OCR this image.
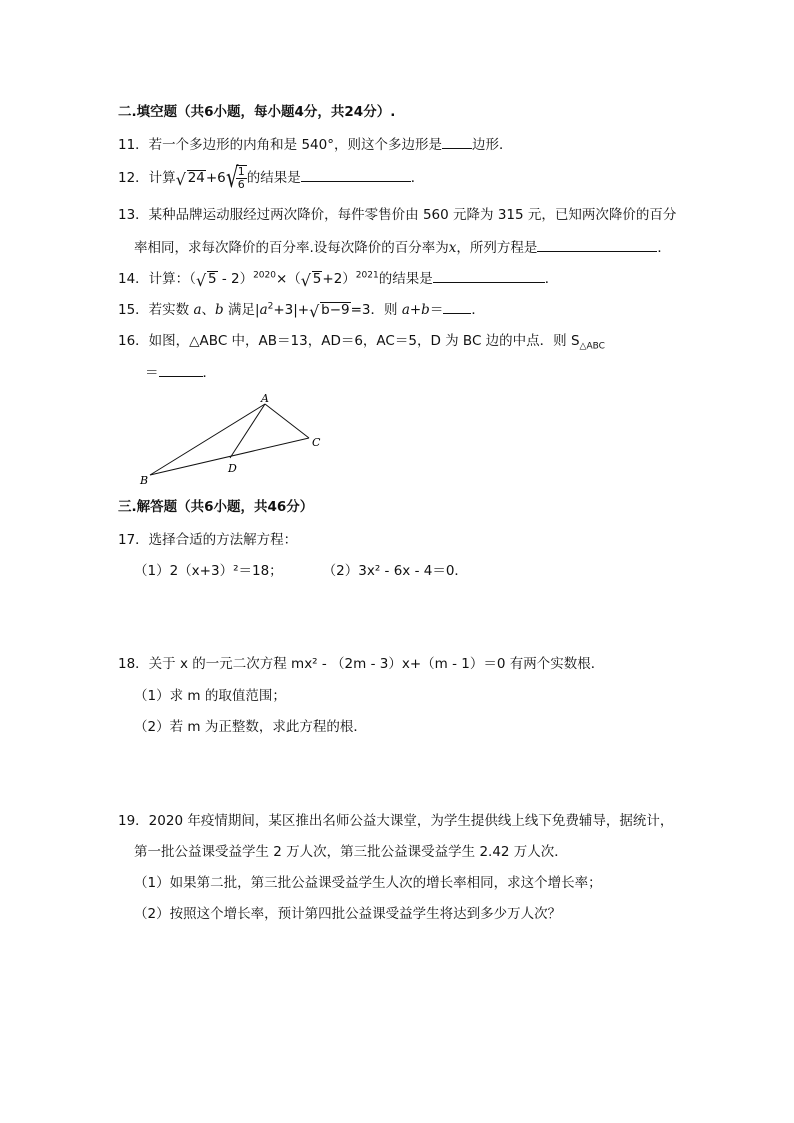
二.填空题（共6小题，每小题4分，共24分）.
11．若一个多边形的内角和是 540°，则这个多边形是 边形．
12．计算 √ 24+6 √
$\frac{1}{6}$ 的结果是	．
13．某种品牌运动服经过两次降价，每件零售价由 560 元降为 315 元，已知两次降价的百分
率相同，求每次降价的百分率.设每次降价的百分率为x，所列方程是	．
14．计算：（ √ 5 - 2）$^{2020}$×（ √ 5+2）$^{2021}$的结果是	．
15．若实数 a、b 满足$|a^2+3|+$ √ b−9=3．则 a+b＝ ．
16．如图，△ABC 中，AB＝13，AD＝6，AC＝5，D 为 BC 边的中点．则 $S_{\triangle ABC}$
＝	．
A
B
C
D
三.解答题（共6小题，共46分）
17．选择合适的方法解方程：
（1）2（x+3）²＝18；	（2）3x² - 6x - 4＝0．
18．关于 x 的一元二次方程 mx² - （2m - 3）x+（m - 1）＝0 有两个实数根．
（1）求 m 的取值范围；
（2）若 m 为正整数，求此方程的根．
19．2020 年疫情期间，某区推出名师公益大课堂，为学生提供线上线下免费辅导，据统计，
第一批公益课受益学生 2 万人次，第三批公益课受益学生 2.42 万人次．
（1）如果第二批，第三批公益课受益学生人次的增长率相同，求这个增长率；
（2）按照这个增长率，预计第四批公益课受益学生将达到多少万人次？
